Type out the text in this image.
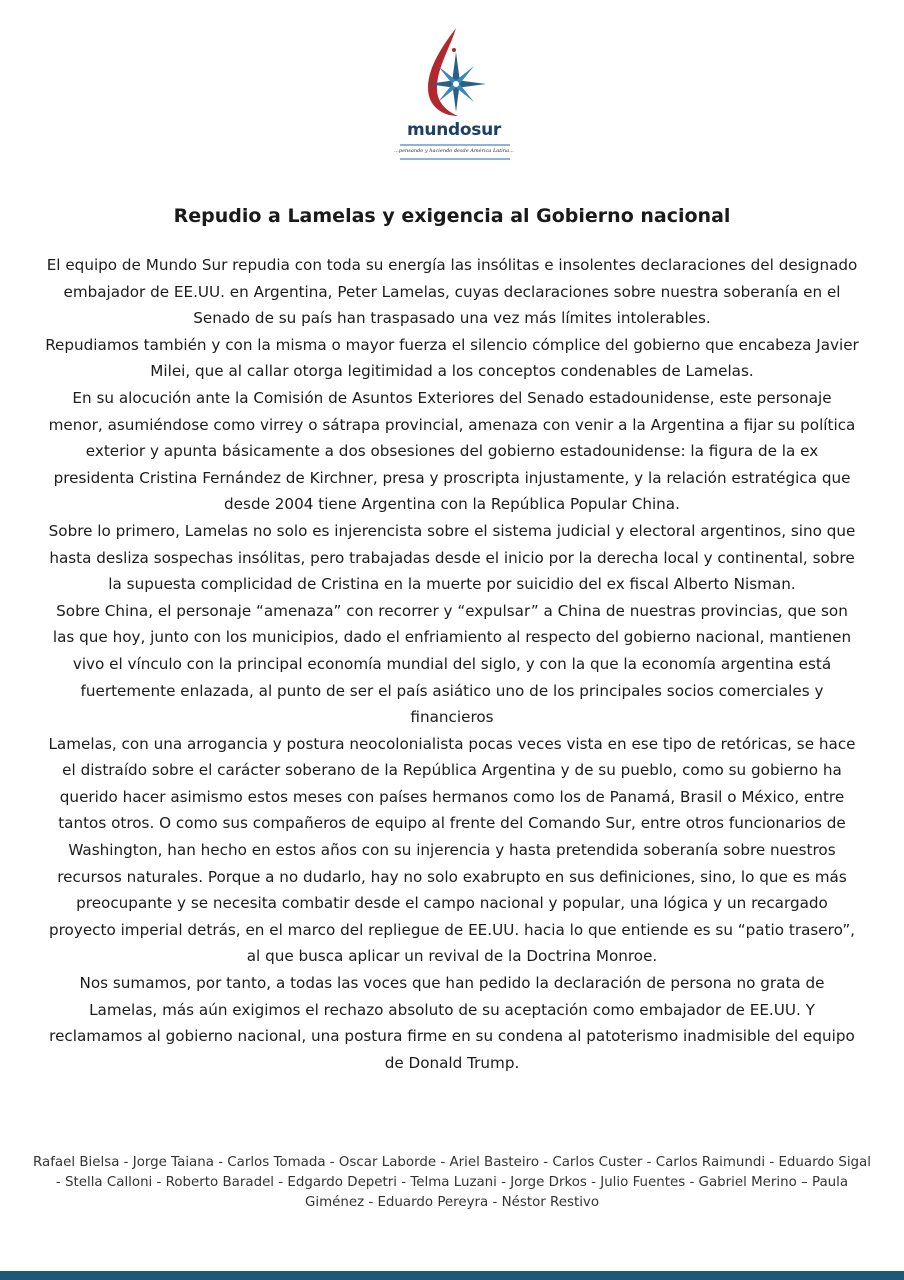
mundosur
...pensando y haciendo desde América Latina...
Repudio a Lamelas y exigencia al Gobierno nacional

El equipo de Mundo Sur repudia con toda su energía las insólitas e insolentes declaraciones del designado embajador de EE.UU. en Argentina, Peter Lamelas, cuyas declaraciones sobre nuestra soberanía en el Senado de su país han traspasado una vez más límites intolerables.

Repudiamos también y con la misma o mayor fuerza el silencio cómplice del gobierno que encabeza Javier Milei, que al callar otorga legitimidad a los conceptos condenables de Lamelas.

En su alocución ante la Comisión de Asuntos Exteriores del Senado estadounidense, este personaje menor, asumiéndose como virrey o sátrapa provincial, amenaza con venir a la Argentina a fijar su política exterior y apunta básicamente a dos obsesiones del gobierno estadounidense: la figura de la ex presidenta Cristina Fernández de Kirchner, presa y proscripta injustamente, y la relación estratégica que desde 2004 tiene Argentina con la República Popular China.

Sobre lo primero, Lamelas no solo es injerencista sobre el sistema judicial y electoral argentinos, sino que hasta desliza sospechas insólitas, pero trabajadas desde el inicio por la derecha local y continental, sobre la supuesta complicidad de Cristina en la muerte por suicidio del ex fiscal Alberto Nisman.

Sobre China, el personaje “amenaza” con recorrer y “expulsar” a China de nuestras provincias, que son las que hoy, junto con los municipios, dado el enfriamiento al respecto del gobierno nacional, mantienen vivo el vínculo con la principal economía mundial del siglo, y con la que la economía argentina está fuertemente enlazada, al punto de ser el país asiático uno de los principales socios comerciales y financieros

Lamelas, con una arrogancia y postura neocolonialista pocas veces vista en ese tipo de retóricas, se hace el distraído sobre el carácter soberano de la República Argentina y de su pueblo, como su gobierno ha querido hacer asimismo estos meses con países hermanos como los de Panamá, Brasil o México, entre tantos otros. O como sus compañeros de equipo al frente del Comando Sur, entre otros funcionarios de Washington, han hecho en estos años con su injerencia y hasta pretendida soberanía sobre nuestros recursos naturales. Porque a no dudarlo, hay no solo exabrupto en sus definiciones, sino, lo que es más preocupante y se necesita combatir desde el campo nacional y popular, una lógica y un recargado proyecto imperial detrás, en el marco del repliegue de EE.UU. hacia lo que entiende es su “patio trasero”, al que busca aplicar un revival de la Doctrina Monroe.

Nos sumamos, por tanto, a todas las voces que han pedido la declaración de persona no grata de Lamelas, más aún exigimos el rechazo absoluto de su aceptación como embajador de EE.UU. Y reclamamos al gobierno nacional, una postura firme en su condena al patoterismo inadmisible del equipo de Donald Trump.

Rafael Bielsa - Jorge Taiana - Carlos Tomada - Oscar Laborde - Ariel Basteiro - Carlos Custer - Carlos Raimundi - Eduardo Sigal - Stella Calloni - Roberto Baradel - Edgardo Depetri - Telma Luzani - Jorge Drkos - Julio Fuentes - Gabriel Merino – Paula Giménez - Eduardo Pereyra - Néstor Restivo
